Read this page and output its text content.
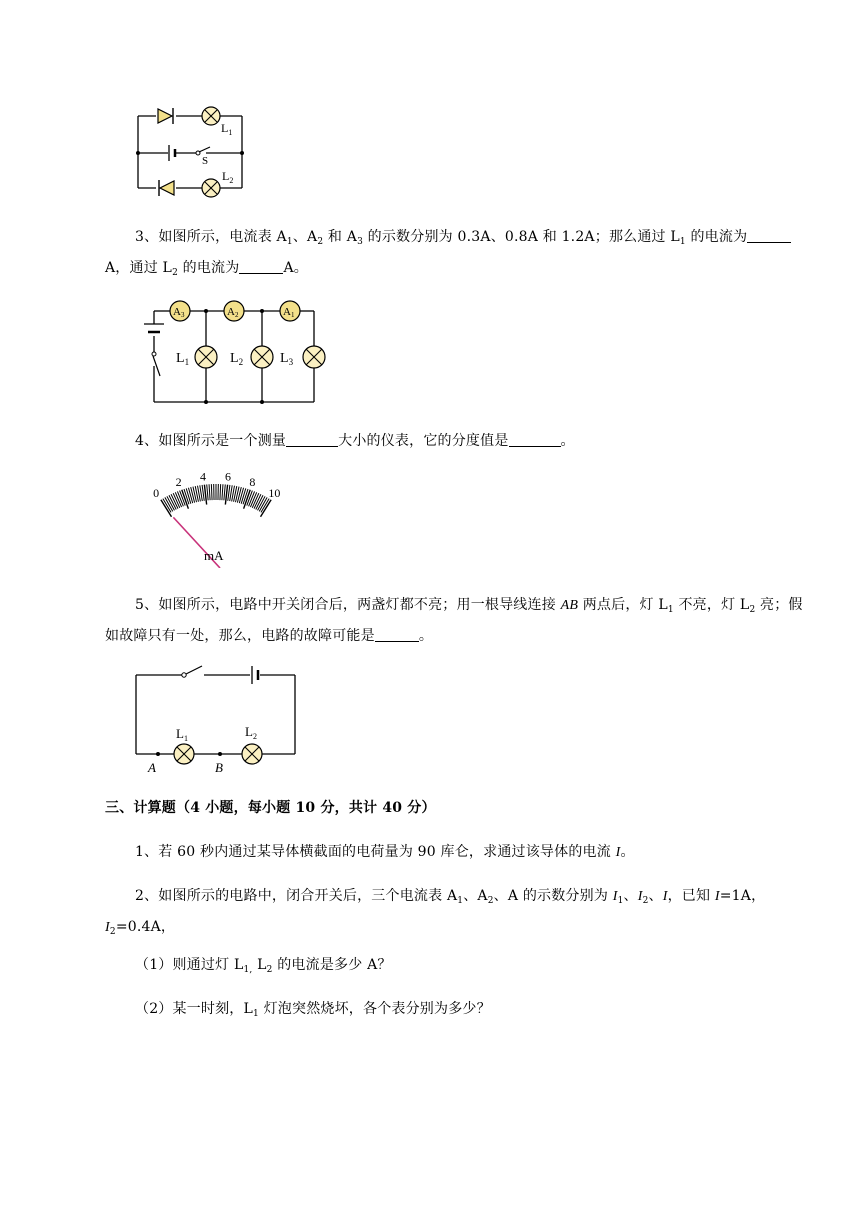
$L_1$
$L_2$
S
3、如图所示，电流表 $A_1$、$A_2$ 和 $A_3$ 的示数分别为 0.3A、0.8A 和 1.2A；那么通过 $L_1$ 的电流为A，通过 $L_2$ 的电流为	A。
A3	A2	A1
$L_1$	$L_2$	$L_3$
4、如图所示是一个测量	大小的仪表，它的分度值是	。
0
2 4 6 8
10
mA
5、如图所示，电路中开关闭合后，两盏灯都不亮；用一根导线连接 AB 两点后，灯 $L_1$ 不亮，灯 $L_2$ 亮；假如故障只有一处，那么，电路的故障可能是	。
$L_1$	$L_2$
A	B
三、计算题（4 小题，每小题 10 分，共计 40 分）
1、若 60 秒内通过某导体横截面的电荷量为 90 库仑，求通过该导体的电流 I。
2、如图所示的电路中，闭合开关后，三个电流表 $A_1$、$A_2$、A 的示数分别为 $I_1$、$I_2$、I，已知 I=1A，$I_2=0.4A$，
（1）则通过灯 $L_{1,}$ $L_2$ 的电流是多少 A？
（2）某一时刻，$L_1$ 灯泡突然烧坏，各个表分别为多少？
